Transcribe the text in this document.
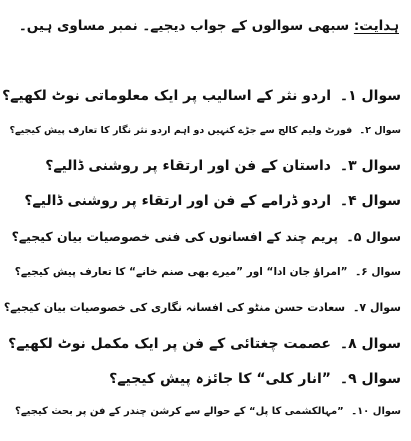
ہدایت: سبھی سوالوں کے جواب دیجیے۔ نمبر مساوی ہیں۔
سوال ۱۔ اردو نثر کے اسالیب پر ایک معلوماتی نوٹ لکھیے؟
سوال ۲۔ فورٹ ولیم کالج سے جڑے کنہیں دو اہم اردو نثر نگار کا تعارف پیش کیجیے؟
سوال ۳۔ داستان کے فن اور ارتقاء پر روشنی ڈالیے؟
سوال ۴۔ اردو ڈرامے کے فن اور ارتقاء پر روشنی ڈالیے؟
سوال ۵۔ پریم چند کے افسانوں کی فنی خصوصیات بیان کیجیے؟
سوال ۶۔ ”امراؤ جان ادا“ اور ”میرے بھی صنم خانے“ کا تعارف پیش کیجیے؟
سوال ۷۔ سعادت حسن منٹو کی افسانہ نگاری کی خصوصیات بیان کیجیے؟
سوال ۸۔ عصمت چغتائی کے فن پر ایک مکمل نوٹ لکھیے؟
سوال ۹۔ ”انار کلی“ کا جائزہ پیش کیجیے؟
سوال ۱۰۔ ”مہالکشمی کا پل“ کے حوالے سے کرشن چندر کے فن پر بحث کیجیے؟
